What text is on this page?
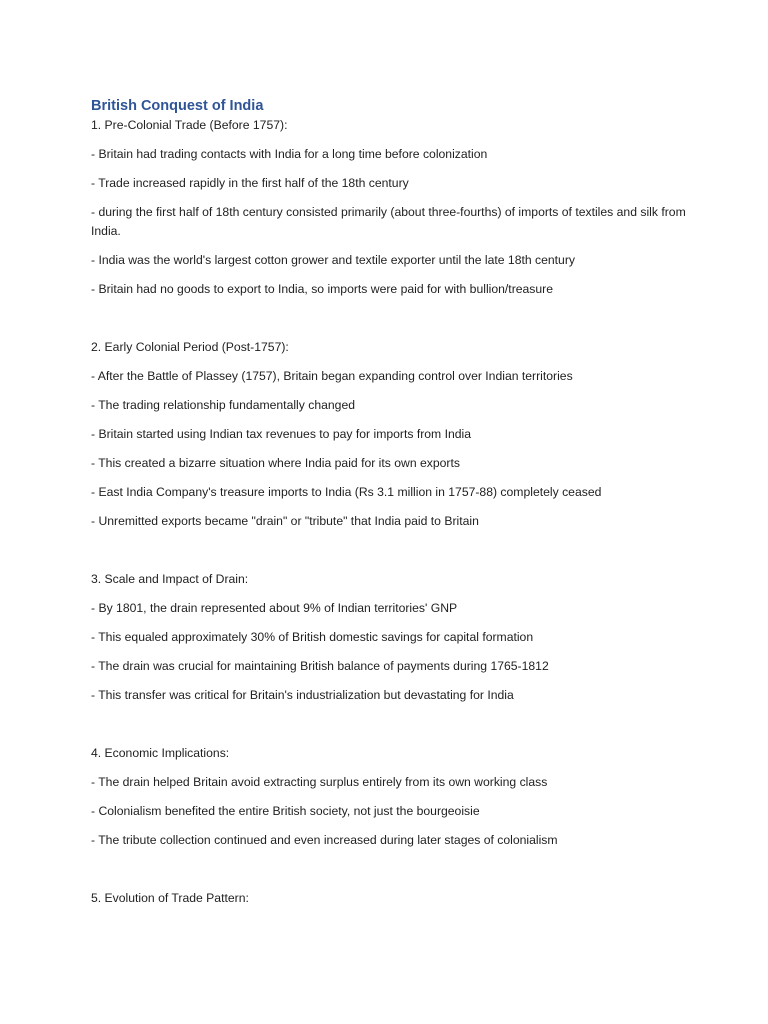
British Conquest of India

1. Pre-Colonial Trade (Before 1757):

- Britain had trading contacts with India for a long time before colonization

- Trade increased rapidly in the first half of the 18th century

- during the first half of 18th century consisted primarily (about three-fourths) of imports of textiles and silk from India.

- India was the world's largest cotton grower and textile exporter until the late 18th century

- Britain had no goods to export to India, so imports were paid for with bullion/treasure

2. Early Colonial Period (Post-1757):

- After the Battle of Plassey (1757), Britain began expanding control over Indian territories

- The trading relationship fundamentally changed

- Britain started using Indian tax revenues to pay for imports from India

- This created a bizarre situation where India paid for its own exports

- East India Company's treasure imports to India (Rs 3.1 million in 1757-88) completely ceased

- Unremitted exports became "drain" or "tribute" that India paid to Britain

3. Scale and Impact of Drain:

- By 1801, the drain represented about 9% of Indian territories' GNP

- This equaled approximately 30% of British domestic savings for capital formation

- The drain was crucial for maintaining British balance of payments during 1765-1812

- This transfer was critical for Britain's industrialization but devastating for India

4. Economic Implications:

- The drain helped Britain avoid extracting surplus entirely from its own working class

- Colonialism benefited the entire British society, not just the bourgeoisie

- The tribute collection continued and even increased during later stages of colonialism

5. Evolution of Trade Pattern:
